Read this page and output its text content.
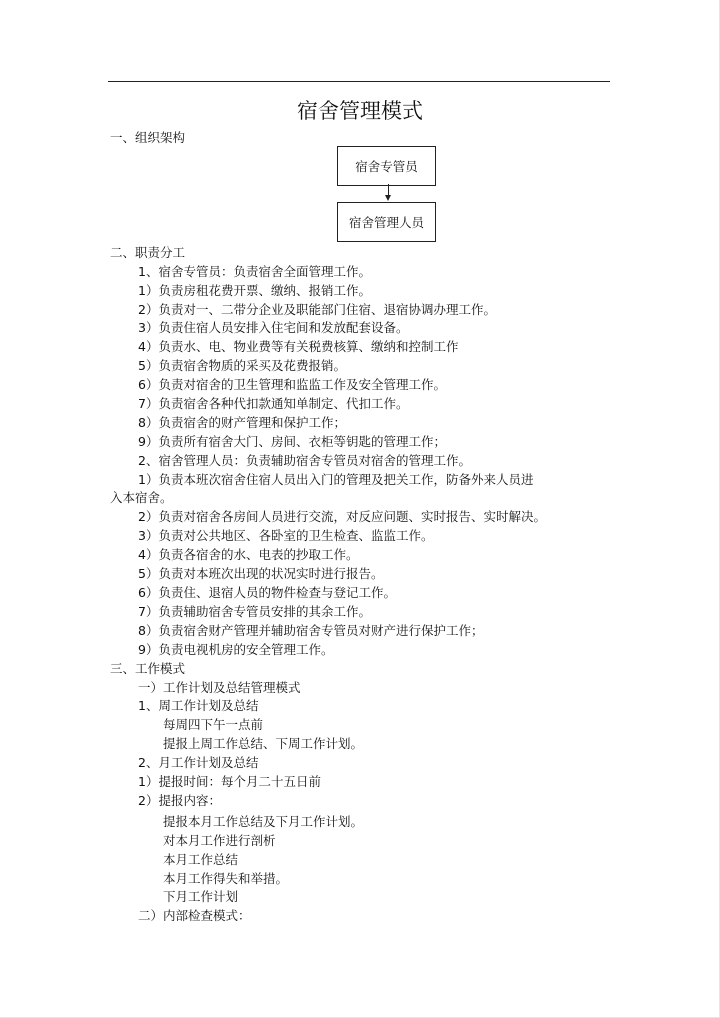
宿舍管理模式
一、组织架构
宿舍专管员
宿舍管理人员
二、职责分工
1、宿舍专管员：负责宿舍全面管理工作。
1）负责房租花费开票、缴纳、报销工作。
2）负责对一、二带分企业及职能部门住宿、退宿协调办理工作。
3）负责住宿人员安排入住宅间和发放配套设备。
4）负责水、电、物业费等有关税费核算、缴纳和控制工作
5）负责宿舍物质的采买及花费报销。
6）负责对宿舍的卫生管理和监监工作及安全管理工作。
7）负责宿舍各种代扣款通知单制定、代扣工作。
8）负责宿舍的财产管理和保护工作；
9）负责所有宿舍大门、房间、衣柜等钥匙的管理工作；
2、宿舍管理人员：负责辅助宿舍专管员对宿舍的管理工作。
1）负责本班次宿舍住宿人员出入门的管理及把关工作，防备外来人员进
入本宿舍。
2）负责对宿舍各房间人员进行交流，对反应问题、实时报告、实时解决。
3）负责对公共地区、各卧室的卫生检查、监监工作。
4）负责各宿舍的水、电表的抄取工作。
5）负责对本班次出现的状况实时进行报告。
6）负责住、退宿人员的物件检查与登记工作。
7）负责辅助宿舍专管员安排的其余工作。
8）负责宿舍财产管理并辅助宿舍专管员对财产进行保护工作；
9）负责电视机房的安全管理工作。
三、工作模式
一）工作计划及总结管理模式
1、周工作计划及总结
每周四下午一点前
提报上周工作总结、下周工作计划。
2、月工作计划及总结
1）提报时间：每个月二十五日前
2）提报内容：
提报本月工作总结及下月工作计划。
对本月工作进行剖析
本月工作总结
本月工作得失和举措。
下月工作计划
二）内部检查模式：
